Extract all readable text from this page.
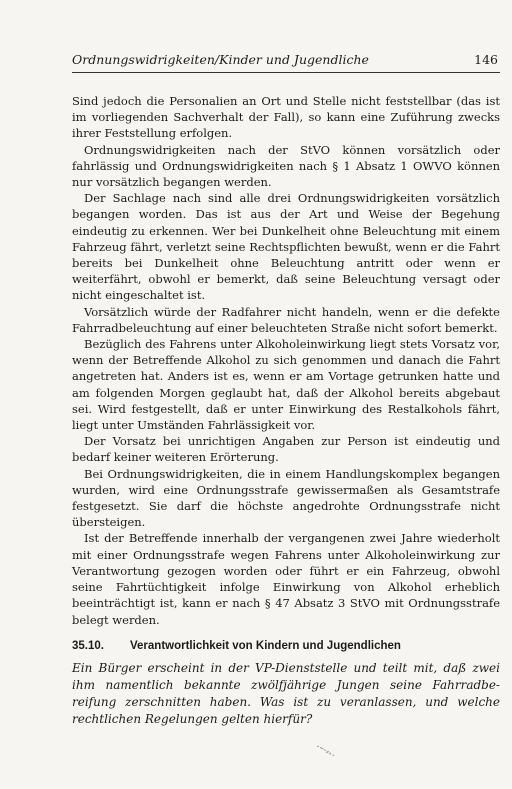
Ordnungswidrigkeiten/Kinder und Jugendliche	146

Sind jedoch die Personalien an Ort und Stelle nicht feststellbar (das ist im vorliegenden Sachverhalt der Fall), so kann eine Zuführung zwecks ihrer Feststellung erfolgen.

Ordnungswidrigkeiten nach der StVO können vorsätzlich oder fahrlässig und Ordnungswidrigkeiten nach § 1 Absatz 1 OWVO können nur vorsätzlich begangen werden.

Der Sachlage nach sind alle drei Ordnungswidrigkeiten vorsätzlich begangen worden. Das ist aus der Art und Weise der Begehung eindeutig zu erkennen. Wer bei Dunkelheit ohne Beleuchtung mit einem Fahrzeug fährt, verletzt seine Rechtspflichten bewußt, wenn er die Fahrt bereits bei Dunkelheit ohne Beleuchtung antritt oder wenn er weiterfährt, obwohl er bemerkt, daß seine Beleuchtung versagt oder nicht eingeschaltet ist.

Vorsätzlich würde der Radfahrer nicht handeln, wenn er die defekte Fahrradbeleuchtung auf einer beleuchteten Straße nicht sofort bemerkt.

Bezüglich des Fahrens unter Alkoholeinwirkung liegt stets Vorsatz vor, wenn der Betreffende Alkohol zu sich genommen und danach die Fahrt angetreten hat. Anders ist es, wenn er am Vortage getrunken hatte und am folgenden Morgen geglaubt hat, daß der Alkohol bereits abgebaut sei. Wird festgestellt, daß er unter Einwirkung des Restalkohols fährt, liegt unter Umständen Fahrlässigkeit vor.

Der Vorsatz bei unrichtigen Angaben zur Person ist eindeutig und bedarf keiner weiteren Erörterung.

Bei Ordnungswidrigkeiten, die in einem Handlungskomplex begangen wurden, wird eine Ordnungsstrafe gewissermaßen als Gesamtstrafe festgesetzt. Sie darf die höchste angedrohte Ordnungsstrafe nicht übersteigen.

Ist der Betreffende innerhalb der vergangenen zwei Jahre wiederholt mit einer Ordnungsstrafe wegen Fahrens unter Alkoholeinwirkung zur Verantwortung gezogen worden oder führt er ein Fahrzeug, obwohl seine Fahrtüchtigkeit infolge Einwirkung von Alkohol erheblich beeinträchtigt ist, kann er nach § 47 Absatz 3 StVO mit Ordnungsstrafe belegt werden.

35.10.	Verantwortlichkeit von Kindern und Jugendlichen
Ein Bürger erscheint in der VP-Dienststelle und teilt mit, daß zwei
ihm namentlich bekannte zwölfjährige Jungen seine Fahrradbe-
reifung zerschnitten haben. Was ist zu veranlassen, und welche
rechtlichen Regelungen gelten hierfür?
